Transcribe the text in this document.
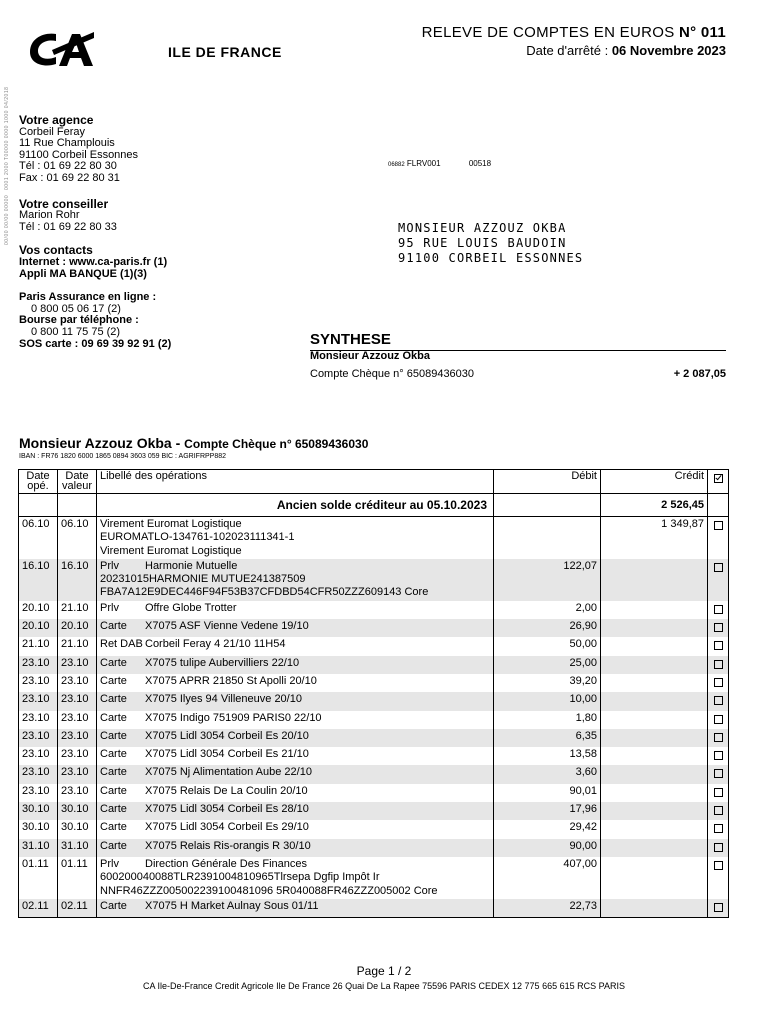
ILE DE FRANCE
RELEVE DE COMPTES EN EUROS N° 011
Date d'arrêté : 06 Novembre 2023
0001 2000 T00000 0000 1000 04/2018
00/00 00/00 00000
Votre agence
Corbeil Feray
11 Rue Champlouis
91100 Corbeil Essonnes
Tél : 01 69 22 80 30
Fax : 01 69 22 80 31
Votre conseiller
Marion Rohr
Tél : 01 69 22 80 33
Vos contacts
Internet : www.ca-paris.fr (1)
Appli MA BANQUE (1)(3)
Paris Assurance en ligne :
0 800 05 06 17 (2)
Bourse par téléphone :
0 800 11 75 75 (2)
SOS carte : 09 69 39 92 91 (2)
06882 FLRV001	00518
MONSIEUR AZZOUZ OKBA
95 RUE LOUIS BAUDOIN
91100 CORBEIL ESSONNES
SYNTHESE
Monsieur Azzouz Okba
Compte Chèque n° 65089436030	+ 2 087,05
Monsieur Azzouz Okba - Compte Chèque n° 65089436030
IBAN : FR76 1820 6000 1865 0894 3603 059 BIC : AGRIFRPP882
Date opé.	Date valeur	Libellé des opérations	Débit	Crédit	
		Ancien solde créditeur au 05.10.2023		2 526,45	
06.10	06.10	Virement Euromat Logistique
EUROMATLO-134761-102023111341-1
Virement Euromat Logistique		1 349,87	
16.10	16.10	Prlv Harmonie Mutuelle
20231015HARMONIE MUTUE241387509
FBA7A12E9DEC446F94F53B37CFDBD54CFR50ZZZ609143 Core	122,07		
20.10	21.10	Prlv Offre Globe Trotter	2,00		
20.10	20.10	Carte X7075 ASF Vienne Vedene 19/10	26,90		
21.10	21.10	Ret DAB Corbeil Feray 4 21/10 11H54	50,00		
23.10	23.10	Carte X7075 tulipe Aubervilliers 22/10	25,00		
23.10	23.10	Carte X7075 APRR 21850 St Apolli 20/10	39,20		
23.10	23.10	Carte X7075 Ilyes 94 Villeneuve 20/10	10,00		
23.10	23.10	Carte X7075 Indigo 751909 PARIS0 22/10	1,80		
23.10	23.10	Carte X7075 Lidl 3054 Corbeil Es 20/10	6,35		
23.10	23.10	Carte X7075 Lidl 3054 Corbeil Es 21/10	13,58		
23.10	23.10	Carte X7075 Nj Alimentation Aube 22/10	3,60		
23.10	23.10	Carte X7075 Relais De La Coulin 20/10	90,01		
30.10	30.10	Carte X7075 Lidl 3054 Corbeil Es 28/10	17,96		
30.10	30.10	Carte X7075 Lidl 3054 Corbeil Es 29/10	29,42		
31.10	31.10	Carte X7075 Relais Ris-orangis R 30/10	90,00		
01.11	01.11	Prlv Direction Générale Des Finances
600200040088TLR2391004810965Tlrsepa Dgfip Impôt Ir
NNFR46ZZZ005002239100481096 5R040088FR46ZZZ005002 Core	407,00		
02.11	02.11	Carte X7075 H Market Aulnay Sous 01/11	22,73		
Page 1 / 2
CA Ile-De-France Credit Agricole Ile De France 26 Quai De La Rapee 75596 PARIS CEDEX 12 775 665 615 RCS PARIS
